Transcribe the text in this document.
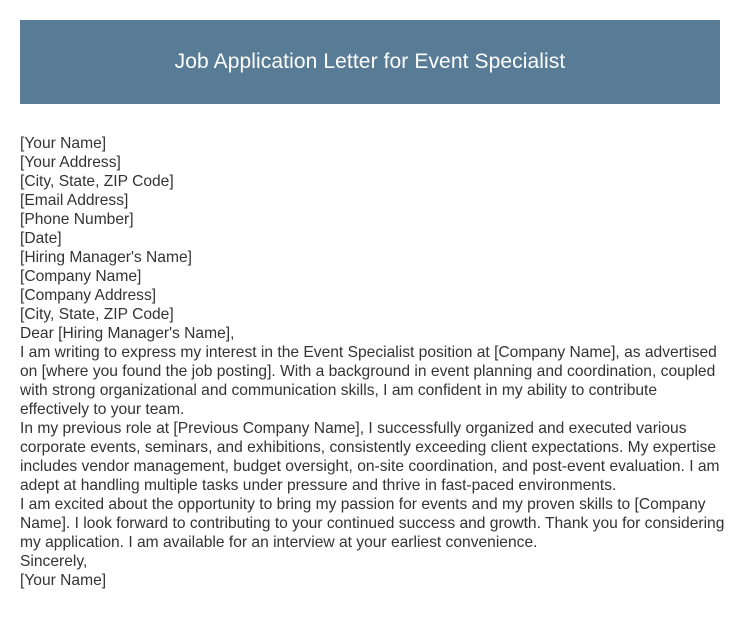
Job Application Letter for Event Specialist
[Your Name]
[Your Address]
[City, State, ZIP Code]
[Email Address]
[Phone Number]
[Date]
[Hiring Manager's Name]
[Company Name]
[Company Address]
[City, State, ZIP Code]
Dear [Hiring Manager's Name],

I am writing to express my interest in the Event Specialist position at [Company Name], as advertised on [where you found the job posting]. With a background in event planning and coordination, coupled with strong organizational and communication skills, I am confident in my ability to contribute effectively to your team.

In my previous role at [Previous Company Name], I successfully organized and executed various corporate events, seminars, and exhibitions, consistently exceeding client expectations. My expertise includes vendor management, budget oversight, on-site coordination, and post-event evaluation. I am adept at handling multiple tasks under pressure and thrive in fast-paced environments.

I am excited about the opportunity to bring my passion for events and my proven skills to [Company Name]. I look forward to contributing to your continued success and growth. Thank you for considering my application. I am available for an interview at your earliest convenience.

Sincerely,
[Your Name]
